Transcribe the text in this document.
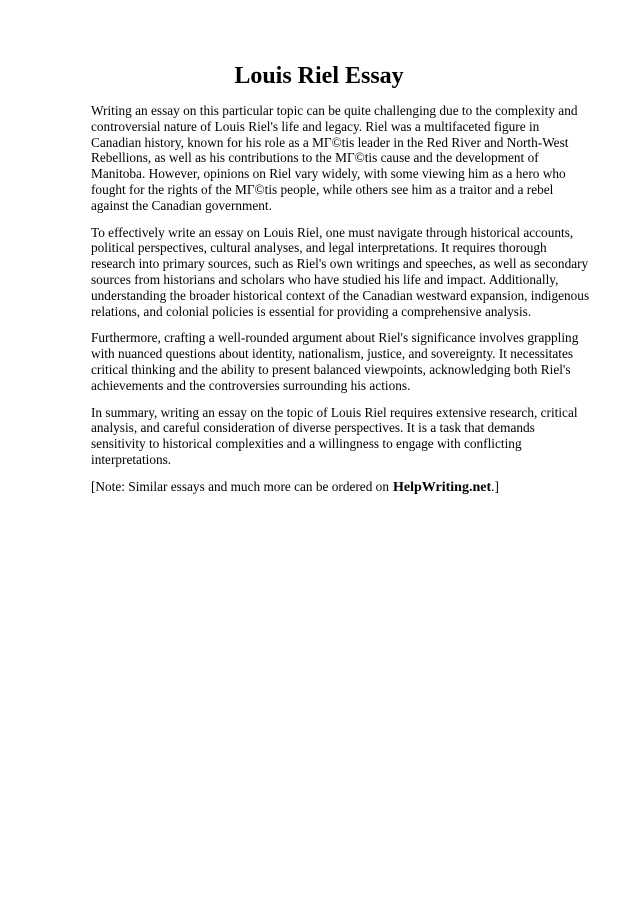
Louis Riel Essay

Writing an essay on this particular topic can be quite challenging due to the complexity and controversial nature of Louis Riel's life and legacy. Riel was a multifaceted figure in Canadian history, known for his role as a MГ©tis leader in the Red River and North-West Rebellions, as well as his contributions to the MГ©tis cause and the development of Manitoba. However, opinions on Riel vary widely, with some viewing him as a hero who fought for the rights of the MГ©tis people, while others see him as a traitor and a rebel against the Canadian government.

To effectively write an essay on Louis Riel, one must navigate through historical accounts, political perspectives, cultural analyses, and legal interpretations. It requires thorough research into primary sources, such as Riel's own writings and speeches, as well as secondary sources from historians and scholars who have studied his life and impact. Additionally, understanding the broader historical context of the Canadian westward expansion, indigenous relations, and colonial policies is essential for providing a comprehensive analysis.

Furthermore, crafting a well-rounded argument about Riel's significance involves grappling with nuanced questions about identity, nationalism, justice, and sovereignty. It necessitates critical thinking and the ability to present balanced viewpoints, acknowledging both Riel's achievements and the controversies surrounding his actions.

In summary, writing an essay on the topic of Louis Riel requires extensive research, critical analysis, and careful consideration of diverse perspectives. It is a task that demands sensitivity to historical complexities and a willingness to engage with conflicting interpretations.

[Note: Similar essays and much more can be ordered on HelpWriting.net.]
